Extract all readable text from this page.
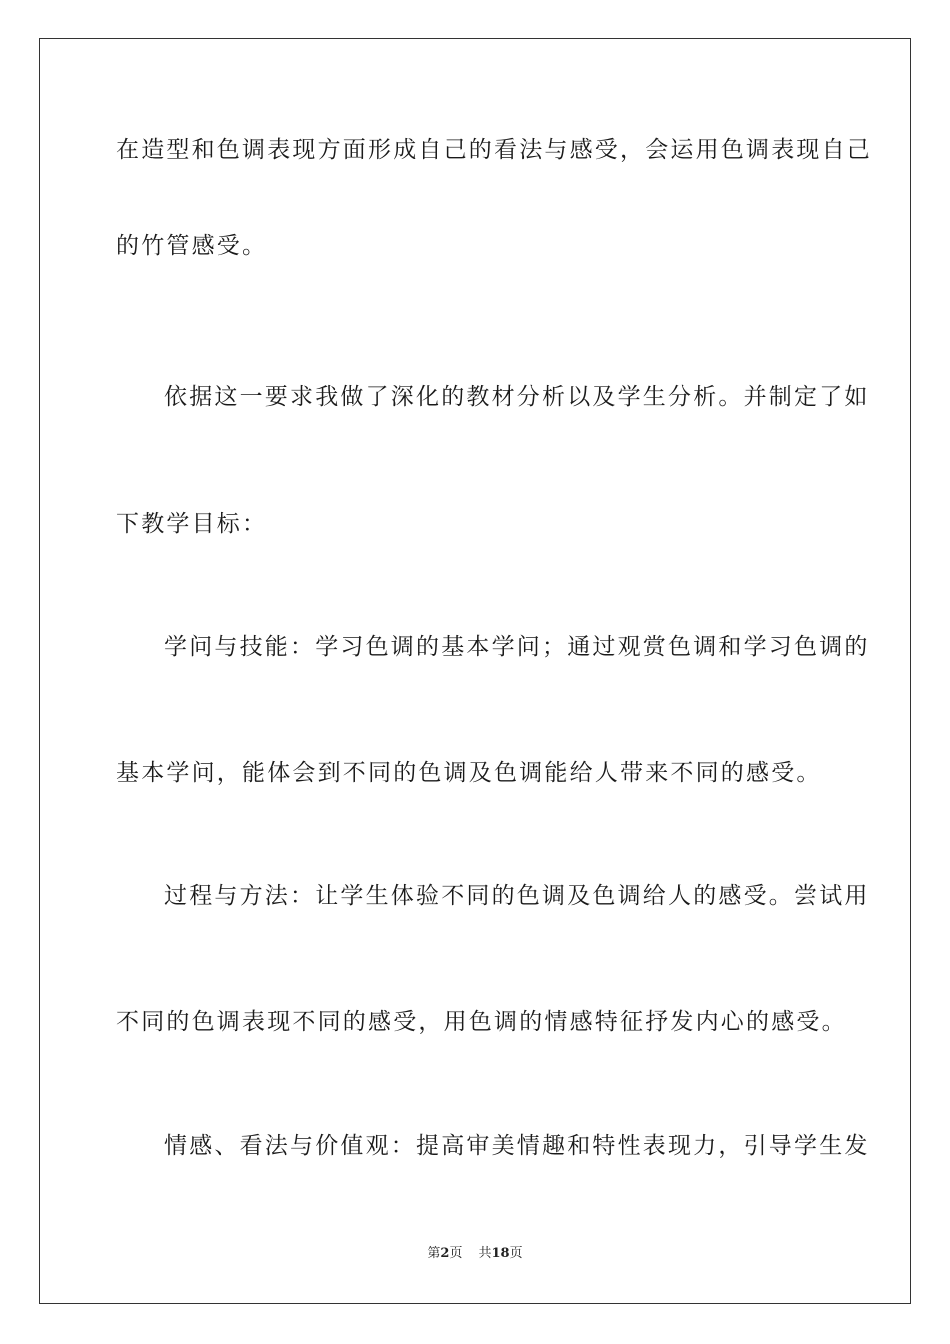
在造型和色调表现方面形成自己的看法与感受，会运用色调表现自己
的竹管感受。
依据这一要求我做了深化的教材分析以及学生分析。并制定了如
下教学目标：
学问与技能：学习色调的基本学问；通过观赏色调和学习色调的
基本学问，能体会到不同的色调及色调能给人带来不同的感受。
过程与方法：让学生体验不同的色调及色调给人的感受。尝试用
不同的色调表现不同的感受，用色调的情感特征抒发内心的感受。
情感、看法与价值观：提高审美情趣和特性表现力，引导学生发
第2页 共18页
